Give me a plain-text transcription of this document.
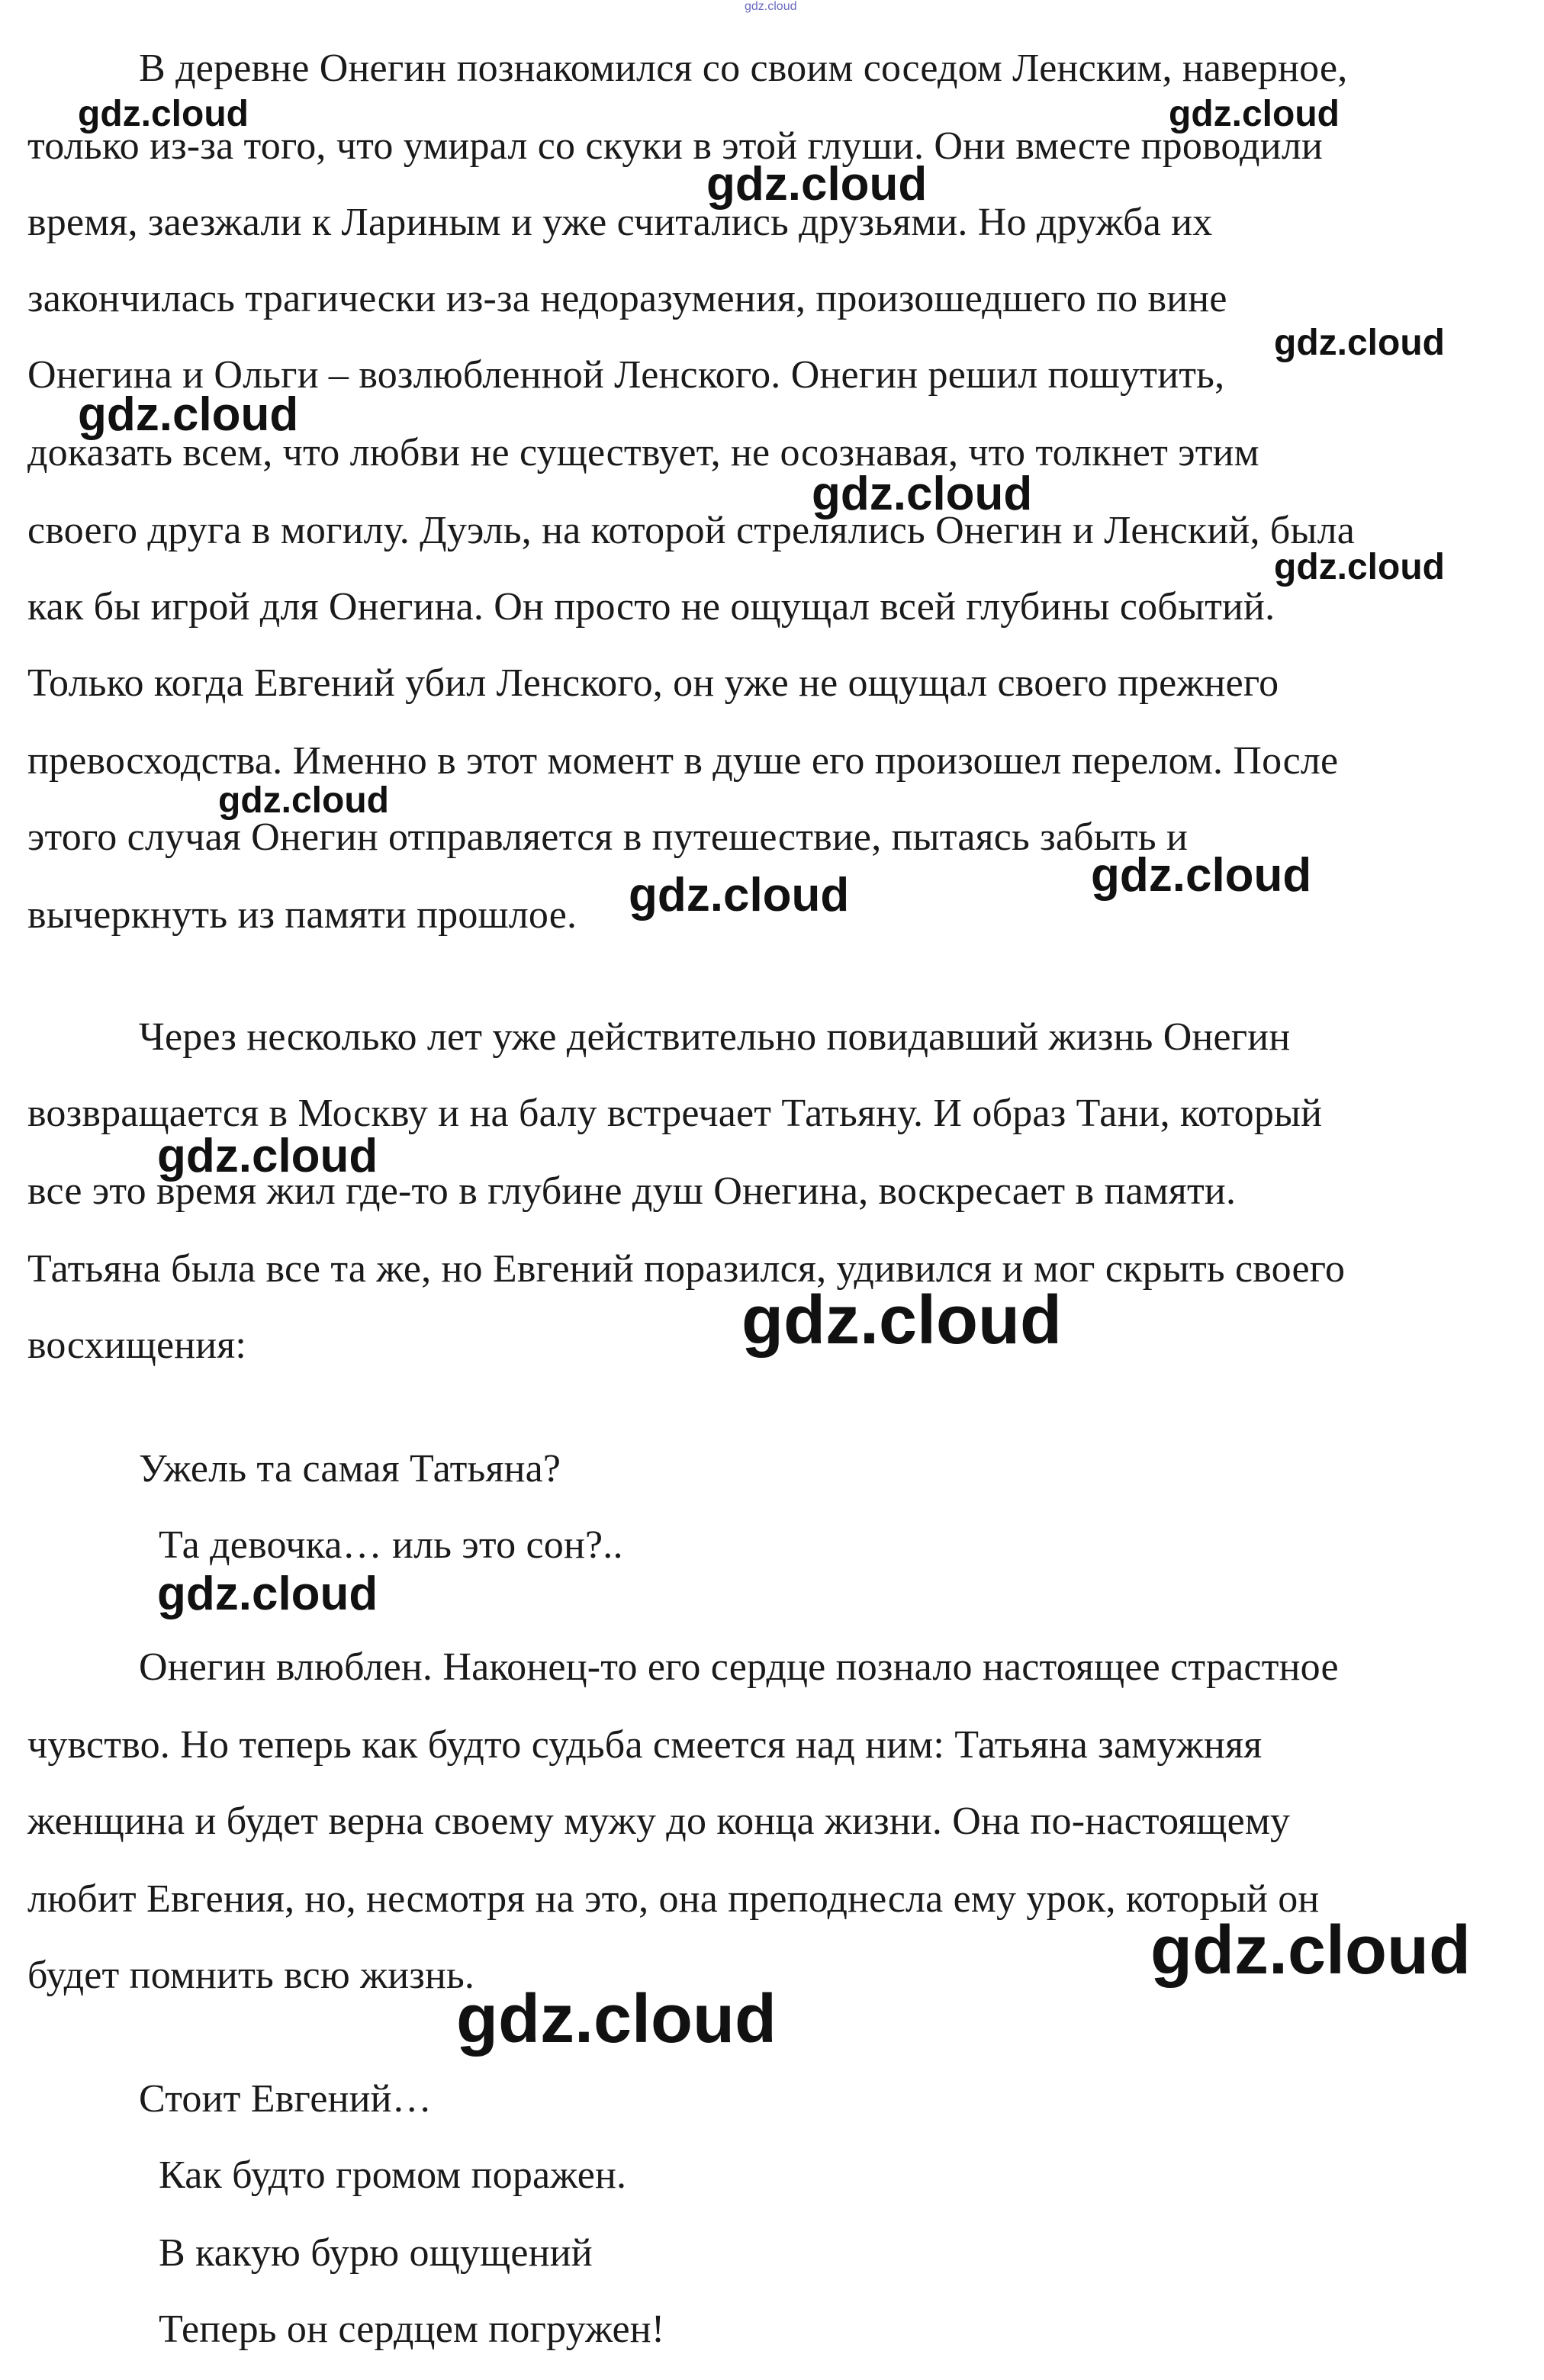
gdz.cloud
В деревне Онегин познакомился со своим соседом Ленским, наверное,
только из-за того, что умирал со скуки в этой глуши. Они вместе проводили
время, заезжали к Лариным и уже считались друзьями. Но дружба их
закончилась трагически из-за недоразумения, произошедшего по вине
Онегина и Ольги – возлюбленной Ленского. Онегин решил пошутить,
доказать всем, что любви не существует, не осознавая, что толкнет этим
своего друга в могилу. Дуэль, на которой стрелялись Онегин и Ленский, была
как бы игрой для Онегина. Он просто не ощущал всей глубины событий.
Только когда Евгений убил Ленского, он уже не ощущал своего прежнего
превосходства. Именно в этот момент в душе его произошел перелом. После
этого случая Онегин отправляется в путешествие, пытаясь забыть и
вычеркнуть из памяти прошлое.
Через несколько лет уже действительно повидавший жизнь Онегин
возвращается в Москву и на балу встречает Татьяну. И образ Тани, который
все это время жил где-то в глубине душ Онегина, воскресает в памяти.
Татьяна была все та же, но Евгений поразился, удивился и мог скрыть своего
восхищения:
Ужель та самая Татьяна?
Та девочка… иль это сон?..
Онегин влюблен. Наконец-то его сердце познало настоящее страстное
чувство. Но теперь как будто судьба смеется над ним: Татьяна замужняя
женщина и будет верна своему мужу до конца жизни. Она по-настоящему
любит Евгения, но, несмотря на это, она преподнесла ему урок, который он
будет помнить всю жизнь.
Стоит Евгений…
Как будто громом поражен.
В какую бурю ощущений
Теперь он сердцем погружен!
gdz.cloud	gdz.cloud
gdz.cloud
gdz.cloud
gdz.cloud
gdz.cloud
gdz.cloud
gdz.cloud
gdz.cloud
gdz.cloud
gdz.cloud
gdz.cloud
gdz.cloud
gdz.cloud
gdz.cloud
